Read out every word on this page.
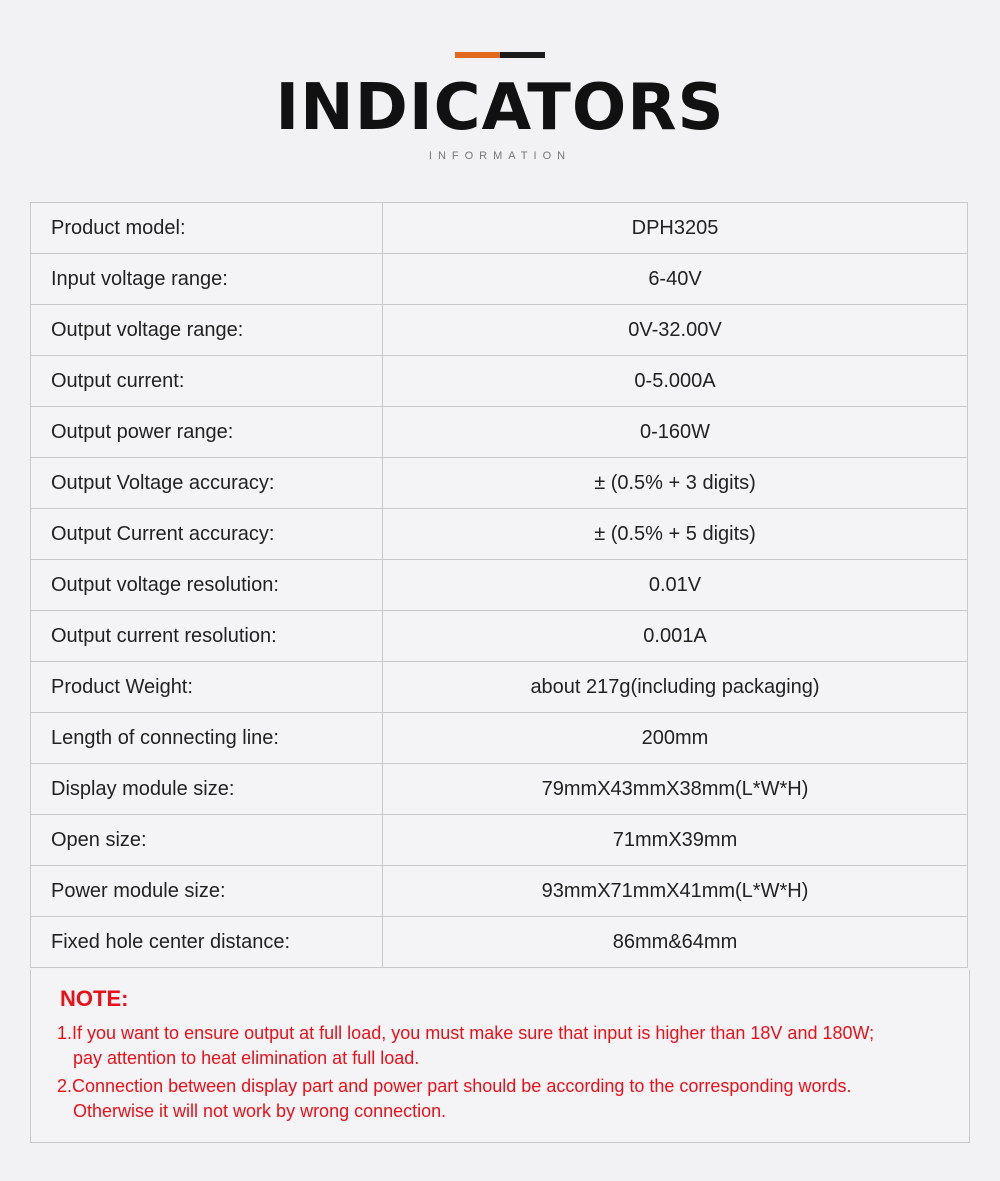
INDICATORS
INFORMATION
Product model:	DPH3205
Input voltage range:	6-40V
Output voltage range:	0V-32.00V
Output current:	0-5.000A
Output power range:	0-160W
Output Voltage accuracy:	± (0.5% + 3 digits)
Output Current accuracy:	± (0.5% + 5 digits)
Output voltage resolution:	0.01V
Output current resolution:	0.001A
Product Weight:	about 217g(including packaging)
Length of connecting line:	200mm
Display module size:	79mmX43mmX38mm(L*W*H)
Open size:	71mmX39mm
Power module size:	93mmX71mmX41mm(L*W*H)
Fixed hole center distance:	86mm&64mm
NOTE:
1.If you want to ensure output at full load, you must make sure that input is higher than 18V and 180W;
pay attention to heat elimination at full load.
2.Connection between display part and power part should be according to the corresponding words.
Otherwise it will not work by wrong connection.
